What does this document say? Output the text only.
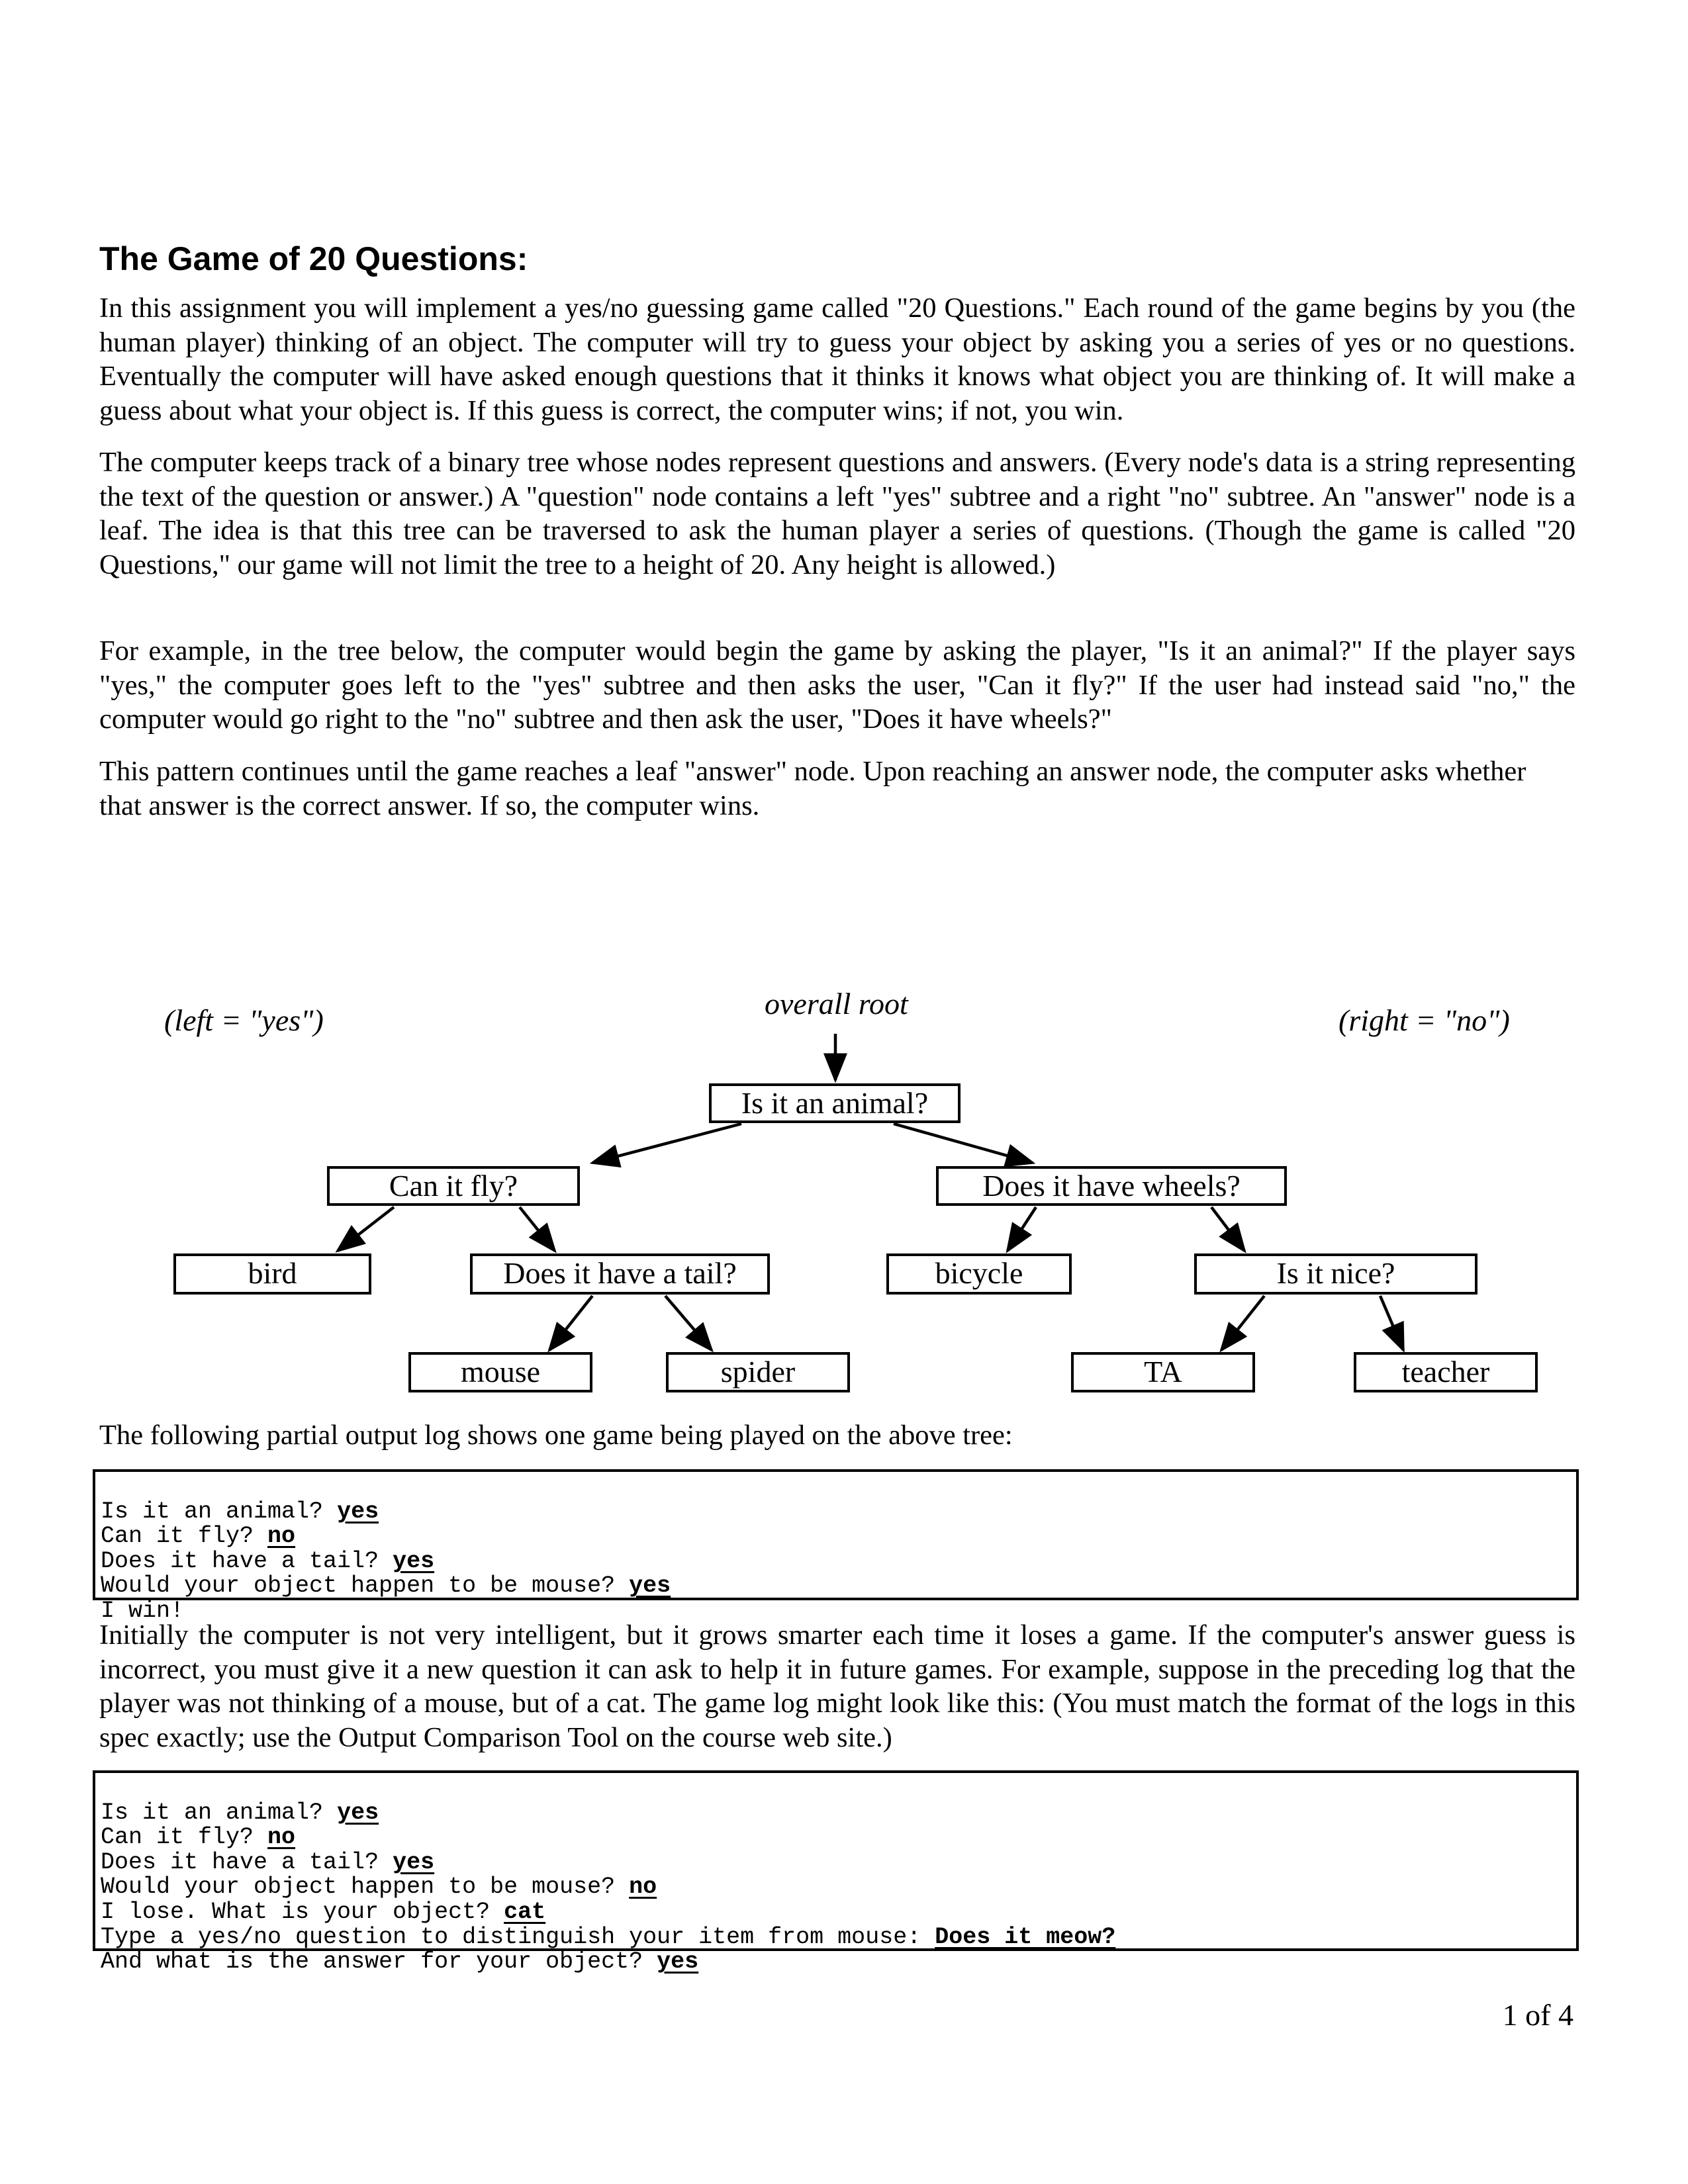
The Game of 20 Questions:

In this assignment you will implement a yes/no guessing game called "20 Questions." Each round of the game begins by you (the human player) thinking of an object. The computer will try to guess your object by asking you a series of yes or no questions. Eventually the computer will have asked enough questions that it thinks it knows what object you are thinking of. It will make a guess about what your object is. If this guess is correct, the computer wins; if not, you win.

The computer keeps track of a binary tree whose nodes represent questions and answers. (Every node's data is a string representing the text of the question or answer.) A "question" node contains a left "yes" subtree and a right "no" subtree. An "answer" node is a leaf. The idea is that this tree can be traversed to ask the human player a series of questions. (Though the game is called "20 Questions," our game will not limit the tree to a height of 20. Any height is allowed.)

For example, in the tree below, the computer would begin the game by asking the player, "Is it an animal?" If the player says "yes," the computer goes left to the "yes" subtree and then asks the user, "Can it fly?" If the user had instead said "no," the computer would go right to the "no" subtree and then ask the user, "Does it have wheels?"

This pattern continues until the game reaches a leaf "answer" node. Upon reaching an answer node, the computer asks whether that answer is the correct answer. If so, the computer wins.

(left = "yes")	(right = "no")
overall root
Is it an animal?
Can it fly?	Does it have wheels?
bird	Does it have a tail?	bicycle	Is it nice?
mouse	spider	TA	teacher

The following partial output log shows one game being played on the above tree:

Is it an animal? yes
Can it fly? no
Does it have a tail? yes
Would your object happen to be mouse? yes
I win!

Initially the computer is not very intelligent, but it grows smarter each time it loses a game. If the computer's answer guess is incorrect, you must give it a new question it can ask to help it in future games. For example, suppose in the preceding log that the player was not thinking of a mouse, but of a cat. The game log might look like this: (You must match the format of the logs in this spec exactly; use the Output Comparison Tool on the course web site.)

Is it an animal? yes
Can it fly? no
Does it have a tail? yes
Would your object happen to be mouse? no
I lose. What is your object? cat
Type a yes/no question to distinguish your item from mouse: Does it meow?
And what is the answer for your object? yes

1 of 4
